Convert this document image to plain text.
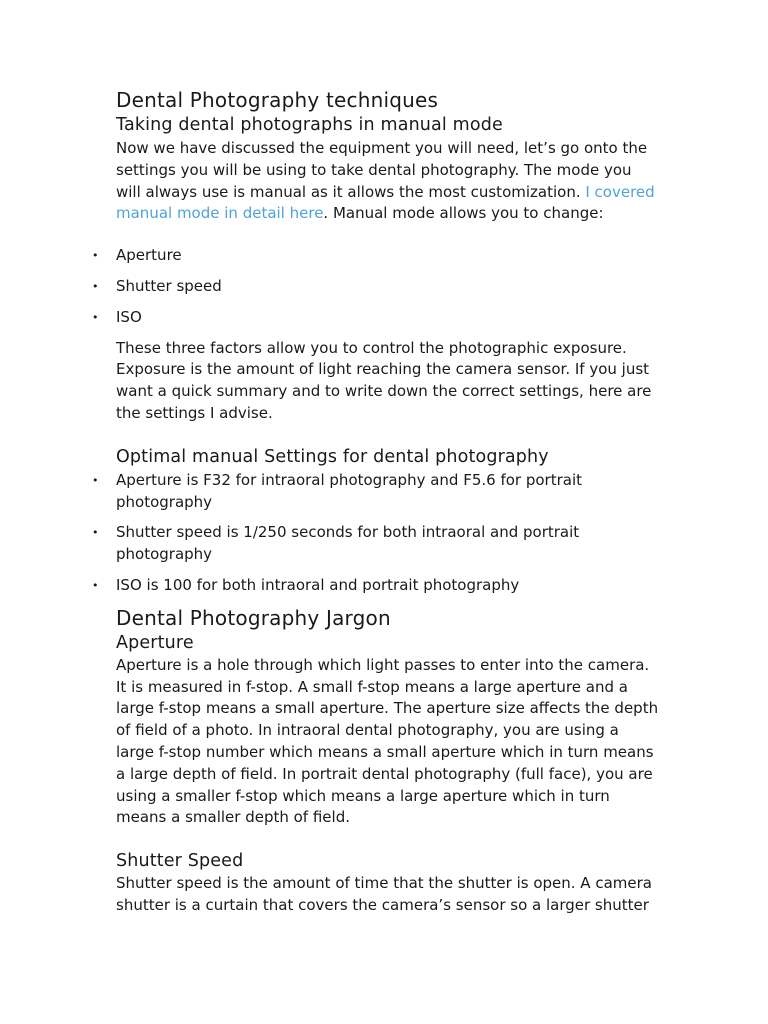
Dental Photography techniques
Taking dental photographs in manual mode

Now we have discussed the equipment you will need, let’s go onto the settings you will be using to take dental photography. The mode you will always use is manual as it allows the most customization. I covered manual mode in detail here. Manual mode allows you to change:

• Aperture
• Shutter speed
• ISO

These three factors allow you to control the photographic exposure. Exposure is the amount of light reaching the camera sensor. If you just want a quick summary and to write down the correct settings, here are the settings I advise.

Optimal manual Settings for dental photography
• Aperture is F32 for intraoral photography and F5.6 for portrait photography
• Shutter speed is 1/250 seconds for both intraoral and portrait photography
• ISO is 100 for both intraoral and portrait photography
Dental Photography Jargon
Aperture

Aperture is a hole through which light passes to enter into the camera. It is measured in f-stop. A small f-stop means a large aperture and a large f-stop means a small aperture. The aperture size affects the depth of field of a photo. In intraoral dental photography, you are using a large f-stop number which means a small aperture which in turn means a large depth of field. In portrait dental photography (full face), you are using a smaller f-stop which means a large aperture which in turn means a smaller depth of field.

Shutter Speed

Shutter speed is the amount of time that the shutter is open. A camera shutter is a curtain that covers the camera’s sensor so a larger shutter
